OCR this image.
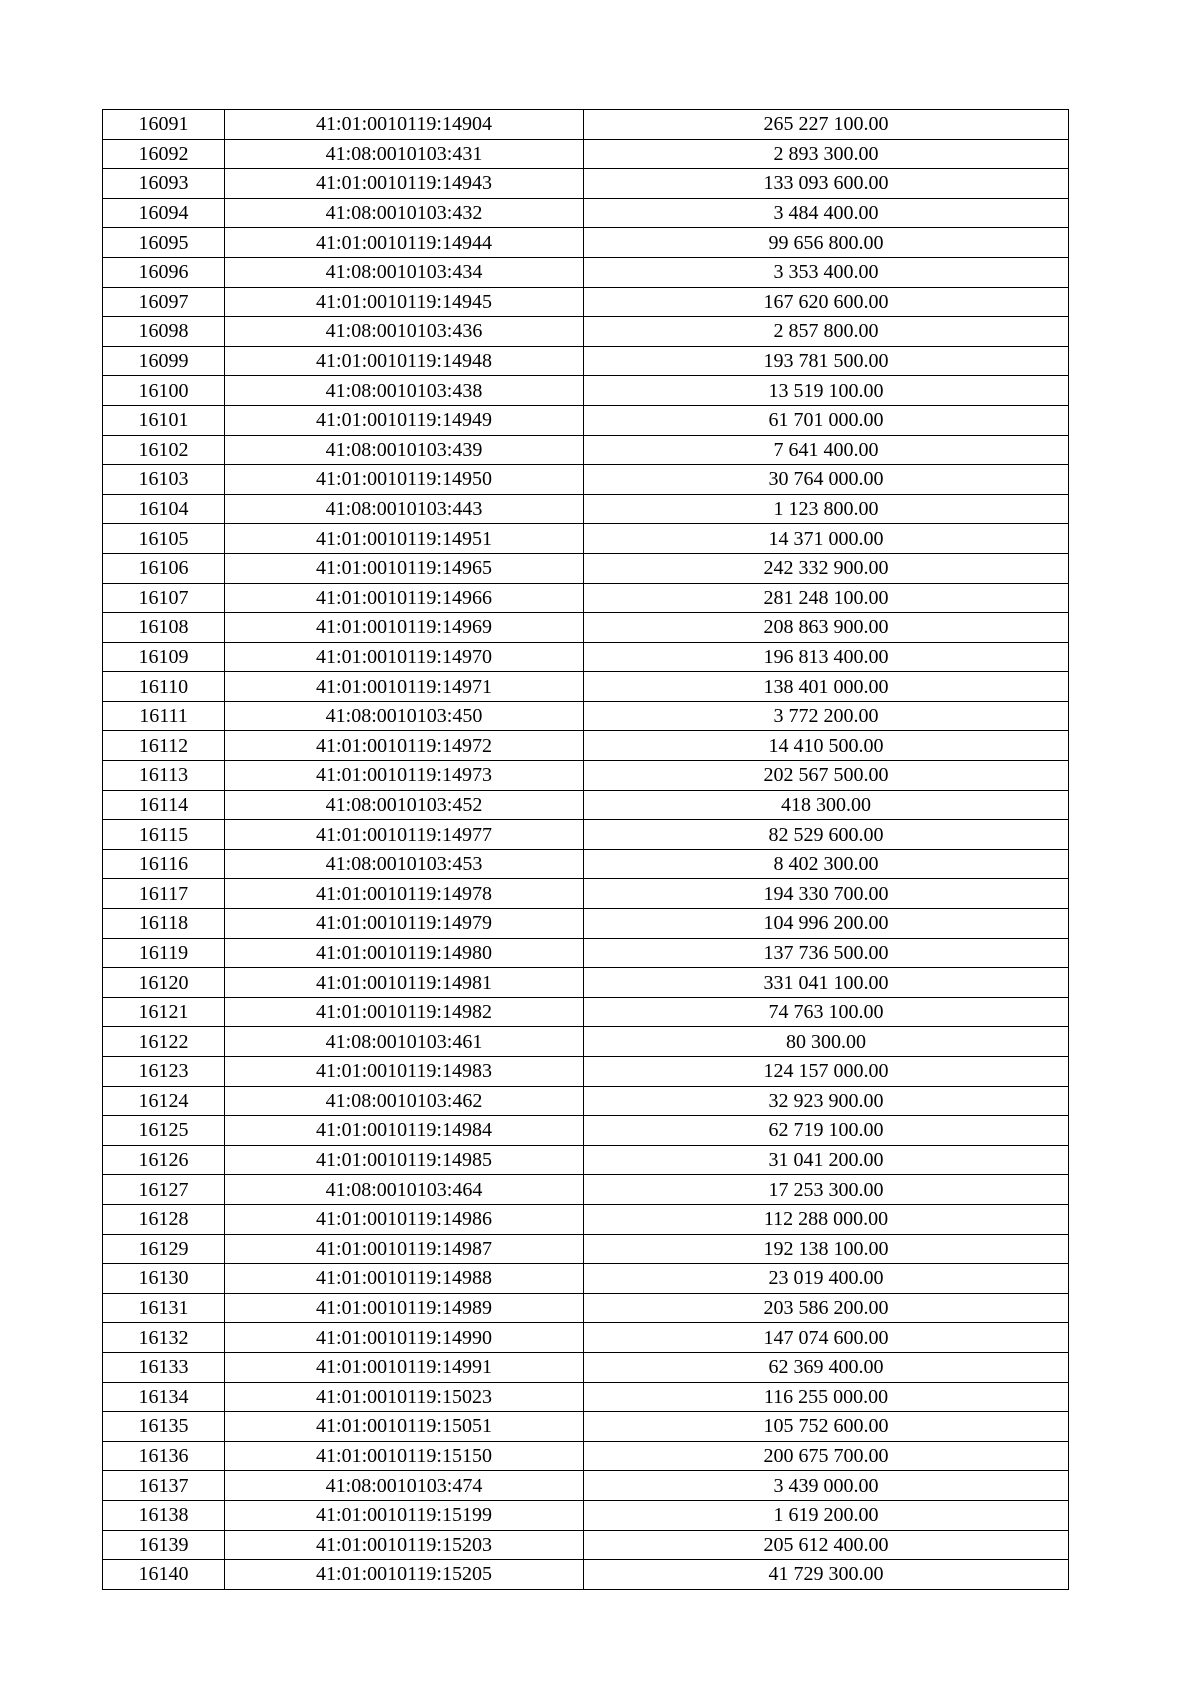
16091	41:01:0010119:14904	265 227 100.00
16092	41:08:0010103:431	2 893 300.00
16093	41:01:0010119:14943	133 093 600.00
16094	41:08:0010103:432	3 484 400.00
16095	41:01:0010119:14944	99 656 800.00
16096	41:08:0010103:434	3 353 400.00
16097	41:01:0010119:14945	167 620 600.00
16098	41:08:0010103:436	2 857 800.00
16099	41:01:0010119:14948	193 781 500.00
16100	41:08:0010103:438	13 519 100.00
16101	41:01:0010119:14949	61 701 000.00
16102	41:08:0010103:439	7 641 400.00
16103	41:01:0010119:14950	30 764 000.00
16104	41:08:0010103:443	1 123 800.00
16105	41:01:0010119:14951	14 371 000.00
16106	41:01:0010119:14965	242 332 900.00
16107	41:01:0010119:14966	281 248 100.00
16108	41:01:0010119:14969	208 863 900.00
16109	41:01:0010119:14970	196 813 400.00
16110	41:01:0010119:14971	138 401 000.00
16111	41:08:0010103:450	3 772 200.00
16112	41:01:0010119:14972	14 410 500.00
16113	41:01:0010119:14973	202 567 500.00
16114	41:08:0010103:452	418 300.00
16115	41:01:0010119:14977	82 529 600.00
16116	41:08:0010103:453	8 402 300.00
16117	41:01:0010119:14978	194 330 700.00
16118	41:01:0010119:14979	104 996 200.00
16119	41:01:0010119:14980	137 736 500.00
16120	41:01:0010119:14981	331 041 100.00
16121	41:01:0010119:14982	74 763 100.00
16122	41:08:0010103:461	80 300.00
16123	41:01:0010119:14983	124 157 000.00
16124	41:08:0010103:462	32 923 900.00
16125	41:01:0010119:14984	62 719 100.00
16126	41:01:0010119:14985	31 041 200.00
16127	41:08:0010103:464	17 253 300.00
16128	41:01:0010119:14986	112 288 000.00
16129	41:01:0010119:14987	192 138 100.00
16130	41:01:0010119:14988	23 019 400.00
16131	41:01:0010119:14989	203 586 200.00
16132	41:01:0010119:14990	147 074 600.00
16133	41:01:0010119:14991	62 369 400.00
16134	41:01:0010119:15023	116 255 000.00
16135	41:01:0010119:15051	105 752 600.00
16136	41:01:0010119:15150	200 675 700.00
16137	41:08:0010103:474	3 439 000.00
16138	41:01:0010119:15199	1 619 200.00
16139	41:01:0010119:15203	205 612 400.00
16140	41:01:0010119:15205	41 729 300.00
